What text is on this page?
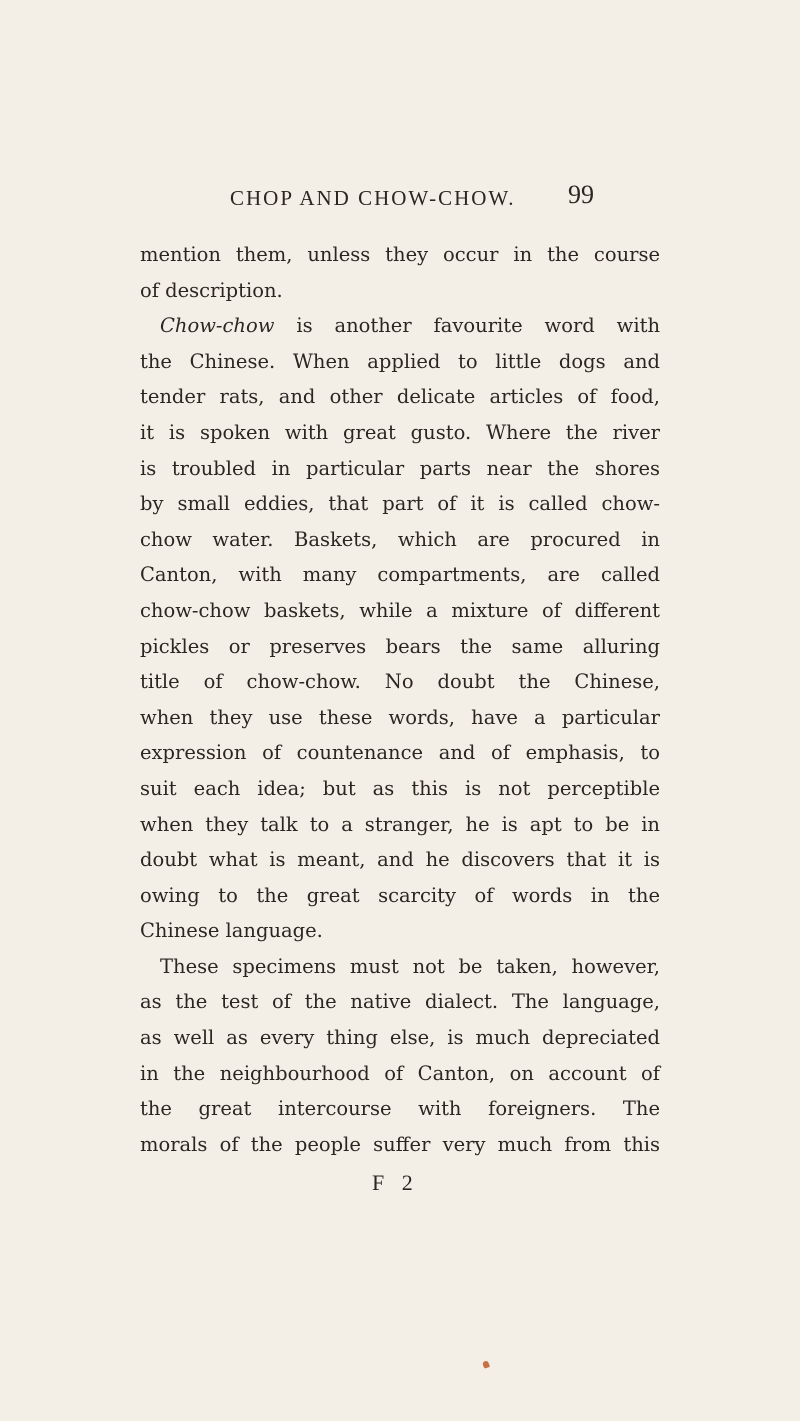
CHOP AND CHOW-CHOW.	99
mention them, unless they occur in the course
of description.
Chow-chow is another favourite word with
the Chinese. When applied to little dogs and
tender rats, and other delicate articles of food,
it is spoken with great gusto. Where the river
is troubled in particular parts near the shores
by small eddies, that part of it is called chow-
chow water. Baskets, which are procured in
Canton, with many compartments, are called
chow-chow baskets, while a mixture of different
pickles or preserves bears the same alluring
title of chow-chow. No doubt the Chinese,
when they use these words, have a particular
expression of countenance and of emphasis, to
suit each idea; but as this is not perceptible
when they talk to a stranger, he is apt to be in
doubt what is meant, and he discovers that it is
owing to the great scarcity of words in the
Chinese language.
These specimens must not be taken, however,
as the test of the native dialect. The language,
as well as every thing else, is much depreciated
in the neighbourhood of Canton, on account of
the great intercourse with foreigners. The
morals of the people suffer very much from this
F 2
